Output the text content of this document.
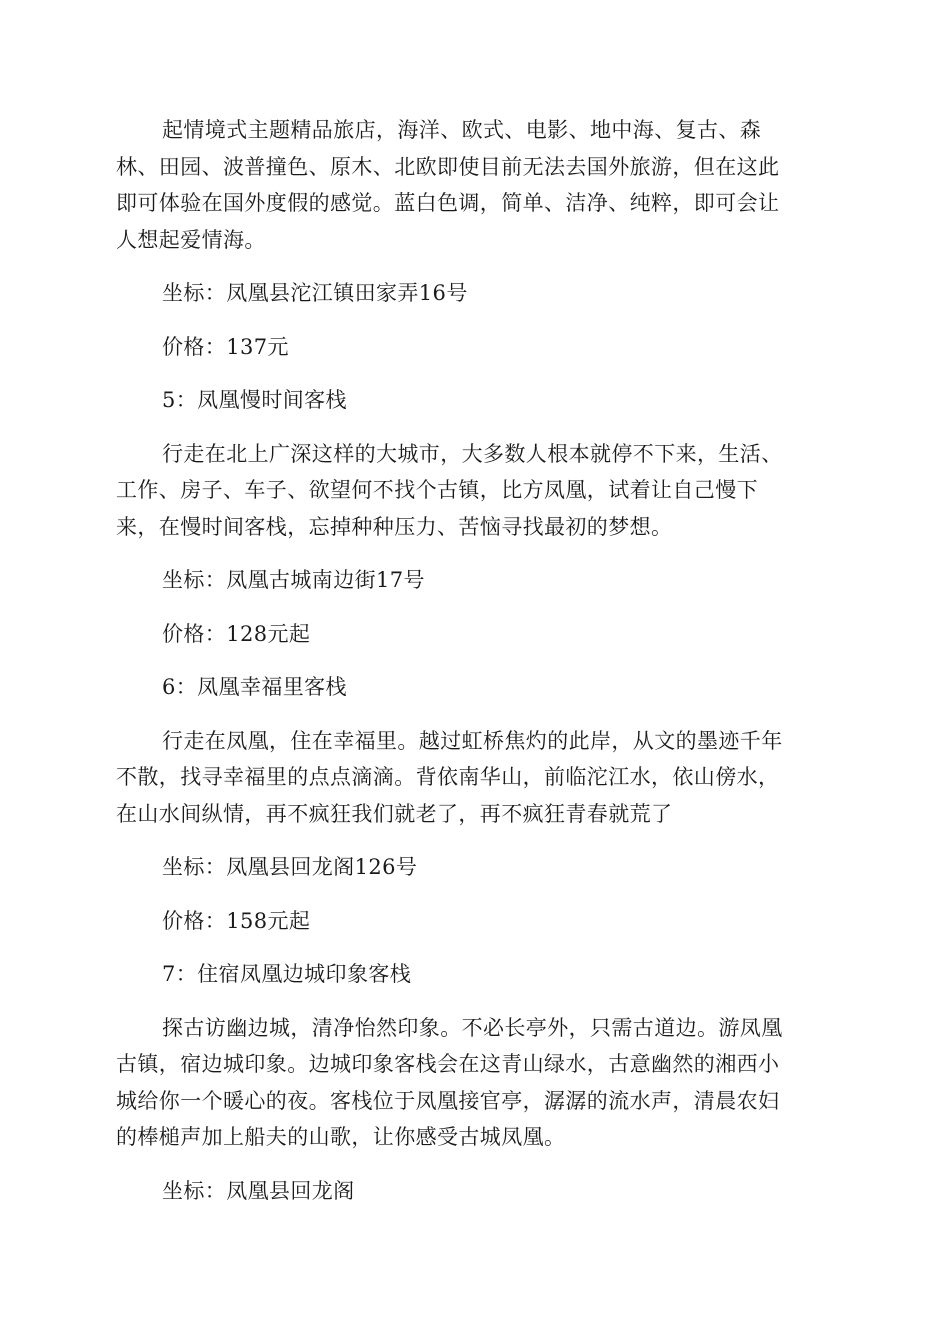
起情境式主题精品旅店，海洋、欧式、电影、地中海、复古、森林、田园、波普撞色、原木、北欧即使目前无法去国外旅游，但在这此即可体验在国外度假的感觉。蓝白色调，简单、洁净、纯粹，即可会让人想起爱情海。

坐标：凤凰县沱江镇田家弄16号

价格：137元

5：凤凰慢时间客栈

行走在北上广深这样的大城市，大多数人根本就停不下来，生活、工作、房子、车子、欲望何不找个古镇，比方凤凰，试着让自己慢下来，在慢时间客栈，忘掉种种压力、苦恼寻找最初的梦想。

坐标：凤凰古城南边街17号

价格：128元起

6：凤凰幸福里客栈

行走在凤凰，住在幸福里。越过虹桥焦灼的此岸，从文的墨迹千年不散，找寻幸福里的点点滴滴。背依南华山，前临沱江水，依山傍水，在山水间纵情，再不疯狂我们就老了，再不疯狂青春就荒了

坐标：凤凰县回龙阁126号

价格：158元起

7：住宿凤凰边城印象客栈

探古访幽边城，清净怡然印象。不必长亭外，只需古道边。游凤凰古镇，宿边城印象。边城印象客栈会在这青山绿水，古意幽然的湘西小城给你一个暖心的夜。客栈位于凤凰接官亭，潺潺的流水声，清晨农妇的棒槌声加上船夫的山歌，让你感受古城凤凰。

坐标：凤凰县回龙阁
